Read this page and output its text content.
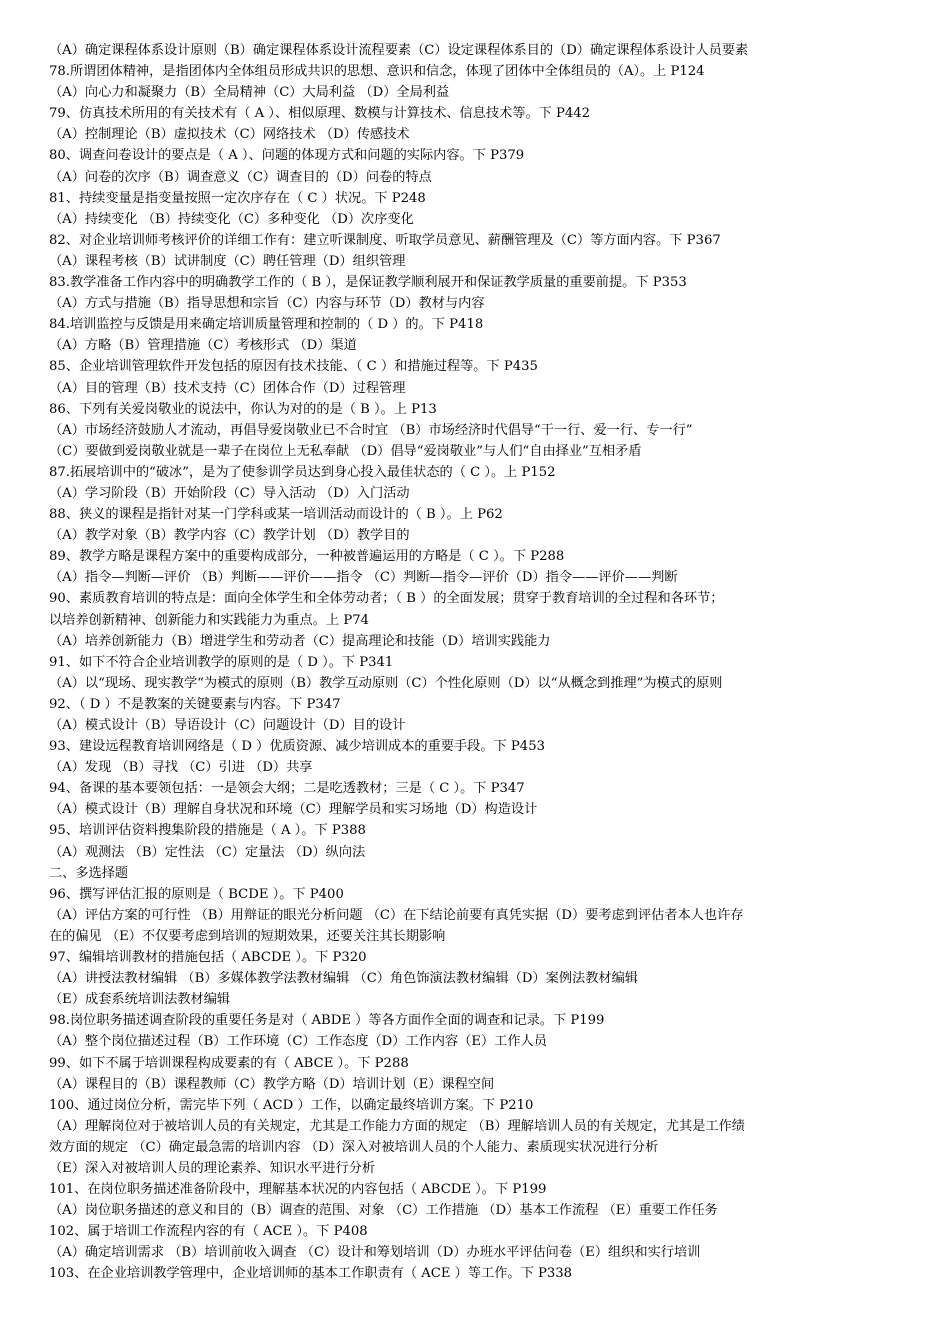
（A）确定课程体系设计原则（B）确定课程体系设计流程要素（C）设定课程体系目的（D）确定课程体系设计人员要素
78.所谓团体精神，是指团体内全体组员形成共识的思想、意识和信念，体现了团体中全体组员的（A）。上 P124
（A）向心力和凝聚力（B）全局精神（C）大局利益 （D）全局利益
79、仿真技术所用的有关技术有（ A ）、相似原理、数模与计算技术、信息技术等。下 P442
（A）控制理论（B）虚拟技术（C）网络技术 （D）传感技术
80、调查问卷设计的要点是（ A ）、问题的体现方式和问题的实际内容。下 P379
（A）问卷的次序（B）调查意义（C）调查目的（D）问卷的特点
81、持续变量是指变量按照一定次序存在（ C ）状况。下 P248
（A）持续变化 （B）持续变化（C）多种变化 （D）次序变化
82、对企业培训师考核评价的详细工作有：建立听课制度、听取学员意见、薪酬管理及（C）等方面内容。下 P367
（A）课程考核（B）试讲制度（C）聘任管理（D）组织管理
83.教学准备工作内容中的明确教学工作的（ B ），是保证教学顺利展开和保证教学质量的重要前提。下 P353
（A）方式与措施（B）指导思想和宗旨（C）内容与环节（D）教材与内容
84.培训监控与反馈是用来确定培训质量管理和控制的（ D ）的。下 P418
（A）方略（B）管理措施（C）考核形式 （D）渠道
85、企业培训管理软件开发包括的原因有技术技能、（ C ）和措施过程等。下 P435
（A）目的管理（B）技术支持（C）团体合作（D）过程管理
86、下列有关爱岗敬业的说法中，你认为对的的是（ B ）。上 P13
（A）市场经济鼓励人才流动，再倡导爱岗敬业已不合时宜 （B）市场经济时代倡导“干一行、爱一行、专一行”
（C）要做到爱岗敬业就是一辈子在岗位上无私奉献 （D）倡导“爱岗敬业”与人们“自由择业”互相矛盾
87.拓展培训中的“破冰”，是为了使参训学员达到身心投入最佳状态的（ C ）。上 P152
（A）学习阶段（B）开始阶段（C）导入活动 （D）入门活动
88、狭义的课程是指针对某一门学科或某一培训活动而设计的（ B ）。上 P62
（A）教学对象（B）教学内容（C）教学计划 （D）教学目的
89、教学方略是课程方案中的重要构成部分，一种被普遍运用的方略是（ C ）。下 P288
（A）指令—判断—评价 （B）判断——评价——指令 （C）判断—指令—评价（D）指令——评价——判断
90、素质教育培训的特点是：面向全体学生和全体劳动者；（ B ）的全面发展；贯穿于教育培训的全过程和各环节；
以培养创新精神、创新能力和实践能力为重点。上 P74
（A）培养创新能力（B）增进学生和劳动者（C）提高理论和技能（D）培训实践能力
91、如下不符合企业培训教学的原则的是（ D ）。下 P341
（A）以“现场、现实教学“为模式的原则（B）教学互动原则（C）个性化原则（D）以“从概念到推理”为模式的原则
92、（ D ）不是教案的关键要素与内容。下 P347
（A）模式设计（B）导语设计（C）问题设计（D）目的设计
93、建设远程教育培训网络是（ D ）优质资源、减少培训成本的重要手段。下 P453
（A）发现 （B）寻找 （C）引进 （D）共享
94、备课的基本要领包括：一是领会大纲；二是吃透教材；三是（ C ）。下 P347
（A）模式设计（B）理解自身状况和环境（C）理解学员和实习场地（D）构造设计
95、培训评估资料搜集阶段的措施是（ A ）。下 P388
（A）观测法 （B）定性法 （C）定量法 （D）纵向法
二、多选择题
96、撰写评估汇报的原则是（ BCDE ）。下 P400
（A）评估方案的可行性 （B）用辩证的眼光分析问题 （C）在下结论前要有真凭实据（D）要考虑到评估者本人也许存
在的偏见 （E）不仅要考虑到培训的短期效果，还要关注其长期影响
97、编辑培训教材的措施包括（ ABCDE ）。下 P320
（A）讲授法教材编辑 （B）多媒体教学法教材编辑 （C）角色饰演法教材编辑（D）案例法教材编辑
（E）成套系统培训法教材编辑
98.岗位职务描述调查阶段的重要任务是对（ ABDE ）等各方面作全面的调查和记录。下 P199
（A）整个岗位描述过程（B）工作环境（C）工作态度（D）工作内容（E）工作人员
99、如下不属于培训课程构成要素的有（ ABCE ）。下 P288
（A）课程目的（B）课程教师（C）教学方略（D）培训计划（E）课程空间
100、通过岗位分析，需完毕下列（ ACD ）工作，以确定最终培训方案。下 P210
（A）理解岗位对于被培训人员的有关规定，尤其是工作能力方面的规定 （B）理解培训人员的有关规定，尤其是工作绩
效方面的规定 （C）确定最急需的培训内容 （D）深入对被培训人员的个人能力、素质现实状况进行分析
（E）深入对被培训人员的理论素养、知识水平进行分析
101、在岗位职务描述准备阶段中，理解基本状况的内容包括（ ABCDE ）。下 P199
（A）岗位职务描述的意义和目的（B）调查的范围、对象 （C）工作措施 （D）基本工作流程 （E）重要工作任务
102、属于培训工作流程内容的有（ ACE ）。下 P408
（A）确定培训需求 （B）培训前收入调查 （C）设计和筹划培训（D）办班水平评估问卷（E）组织和实行培训
103、在企业培训教学管理中，企业培训师的基本工作职责有（ ACE ）等工作。下 P338
